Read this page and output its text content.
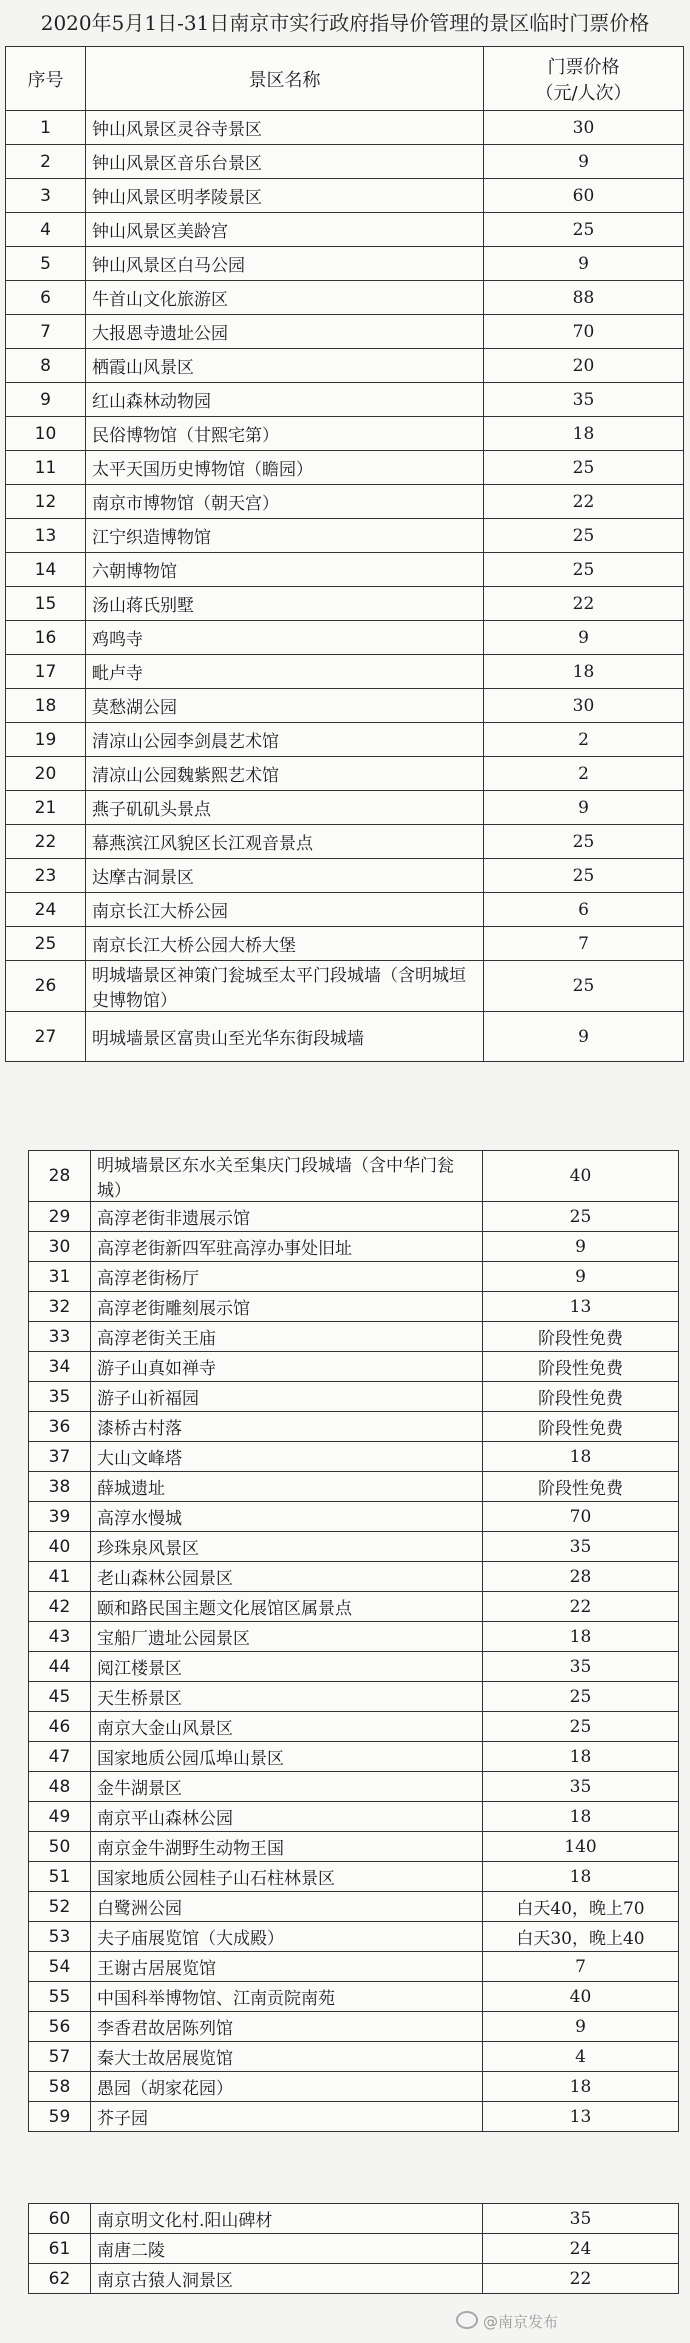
2020年5月1日-31日南京市实行政府指导价管理的景区临时门票价格
序号	景区名称	门票价格
（元/人次）

1	钟山风景区灵谷寺景区	30
2	钟山风景区音乐台景区	9
3	钟山风景区明孝陵景区	60
4	钟山风景区美龄宫	25
5	钟山风景区白马公园	9
6	牛首山文化旅游区	88
7	大报恩寺遗址公园	70
8	栖霞山风景区	20
9	红山森林动物园	35
10	民俗博物馆（甘熙宅第）	18
11	太平天国历史博物馆（瞻园）	25
12	南京市博物馆（朝天宫）	22
13	江宁织造博物馆	25
14	六朝博物馆	25
15	汤山蒋氏别墅	22
16	鸡鸣寺	9
17	毗卢寺	18
18	莫愁湖公园	30
19	清凉山公园李剑晨艺术馆	2
20	清凉山公园魏紫熙艺术馆	2
21	燕子矶矶头景点	9
22	幕燕滨江风貌区长江观音景点	25
23	达摩古洞景区	25
24	南京长江大桥公园	6
25	南京长江大桥公园大桥大堡	7
26	明城墙景区神策门瓮城至太平门段城墙（含明城垣史博物馆）	25
27	明城墙景区富贵山至光华东街段城墙	9
28	明城墙景区东水关至集庆门段城墙（含中华门瓮城）	40
29	高淳老街非遗展示馆	25
30	高淳老街新四军驻高淳办事处旧址	9
31	高淳老街杨厅	9
32	高淳老街雕刻展示馆	13
33	高淳老街关王庙	阶段性免费
34	游子山真如禅寺	阶段性免费
35	游子山祈福园	阶段性免费
36	漆桥古村落	阶段性免费
37	大山文峰塔	18
38	薛城遗址	阶段性免费
39	高淳水慢城	70
40	珍珠泉风景区	35
41	老山森林公园景区	28
42	颐和路民国主题文化展馆区属景点	22
43	宝船厂遗址公园景区	18
44	阅江楼景区	35
45	天生桥景区	25
46	南京大金山风景区	25
47	国家地质公园瓜埠山景区	18
48	金牛湖景区	35
49	南京平山森林公园	18
50	南京金牛湖野生动物王国	140
51	国家地质公园桂子山石柱林景区	18
52	白鹭洲公园	白天40，晚上70
53	夫子庙展览馆（大成殿）	白天30，晚上40
54	王谢古居展览馆	7
55	中国科举博物馆、江南贡院南苑	40
56	李香君故居陈列馆	9
57	秦大士故居展览馆	4
58	愚园（胡家花园）	18
59	芥子园	13
60	南京明文化村.阳山碑材	35
61	南唐二陵	24
62	南京古猿人洞景区	22
@南京发布
